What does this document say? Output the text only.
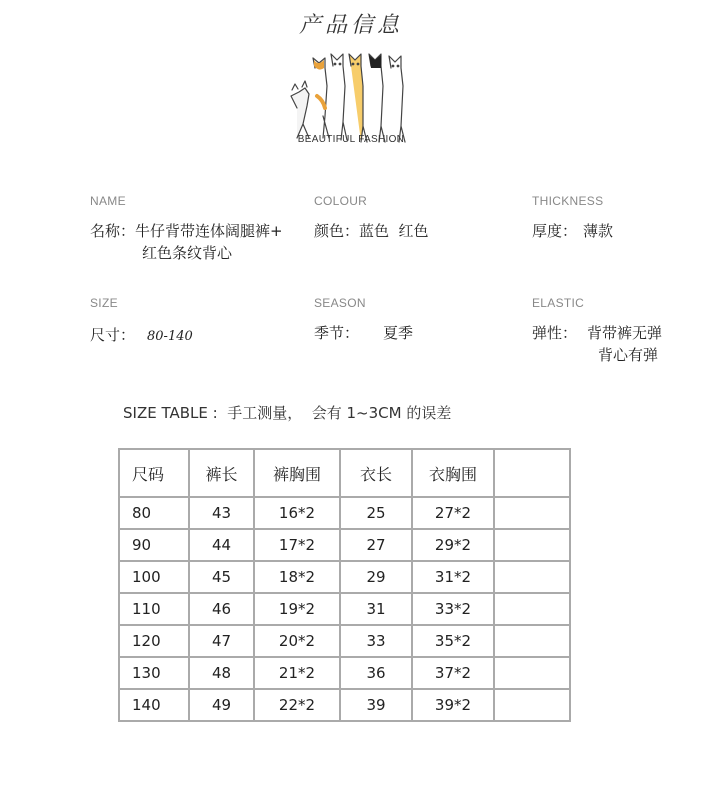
产品信息
BEAUTIFUL FASHION
NAME	COLOUR	THICKNESS
名称：牛仔背带连体阔腿裤+
红色条纹背心
颜色：蓝色  红色	厚度： 薄款
SIZE	SEASON	ELASTIC
尺寸： 80-140	季节： 夏季	弹性： 背带裤无弹
背心有弹
SIZE TABLE :  手工测量，  会有 1~3CM 的误差
尺码	裤长	裤胸围	衣长	衣胸围	
80	43	16*2	25	27*2	
90	44	17*2	27	29*2	
100	45	18*2	29	31*2	
110	46	19*2	31	33*2	
120	47	20*2	33	35*2	
130	48	21*2	36	37*2	
140	49	22*2	39	39*2	
